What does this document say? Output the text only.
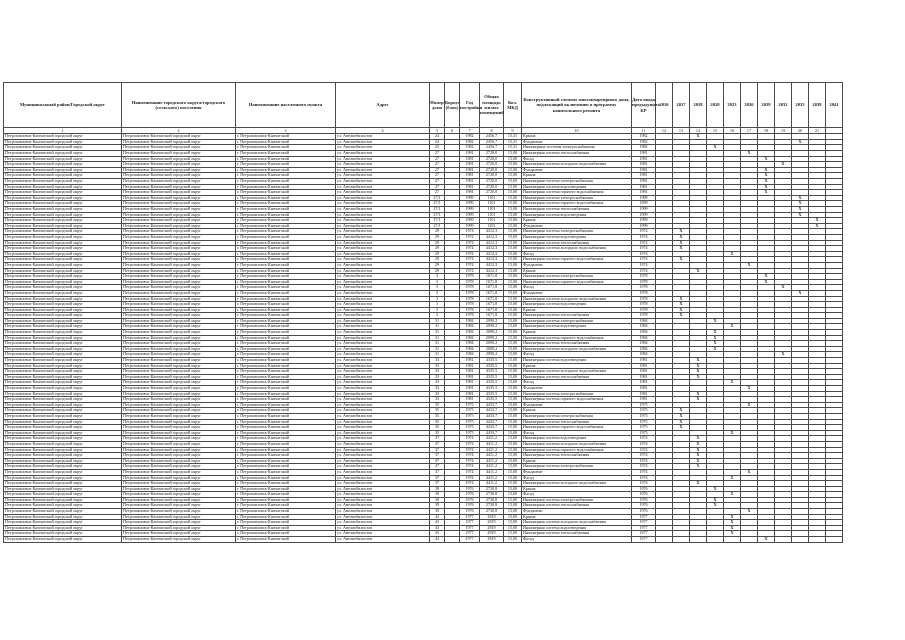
Муниципальный район/Городской округ	Наименование городского округа/городского (сельского) поселения	Наименование населенного пункта	Адрес	Номер дома	Корпус (блок)	Год постройки	Общая площадь жилых помещений	Кол. МКД	Конструктивный элемент многоквартирного дома, подлежащий включению в программу капитального ремонта	Дата ввода предыдущего КР	2016	2017	2018	2020	2023	2026	2029	2032	2035	2038	2041
1	2	3	4	5	6	7	8	9	10	11	12	13	14	15	16	17	18	19	20	21	
Петропавловск-Камчатский городской округ	Петропавловск-Камчатский городской округ	г. Петропавловск-Камчатский	ул. Автомобилистов	24		1982	2456,7	15,31	Крыша	1982			X								
Петропавловск-Камчатский городской округ	Петропавловск-Камчатский городской округ	г. Петропавловск-Камчатский	ул. Автомобилистов	24		1982	2456,7	15,31	Фундамент	1982									X		
Петропавловск-Камчатский городской округ	Петропавловск-Камчатский городской округ	г. Петропавловск-Камчатский	ул. Автомобилистов	25		1982	2456,7	15,31	Инженерные системы электроснабжения	1982				X							
Петропавловск-Камчатский городской округ	Петропавловск-Камчатский городской округ	г. Петропавловск-Камчатский	ул. Автомобилистов	27		1981	2720,0	15,00	Инженерная система теплоснабжения	1981						X					
Петропавловск-Камчатский городской округ	Петропавловск-Камчатский городской округ	г. Петропавловск-Камчатский	ул. Автомобилистов	27		1981	2720,0	15,00	Фасад	1981							X				
Петропавловск-Камчатский городской округ	Петропавловск-Камчатский городской округ	г. Петропавловск-Камчатский	ул. Автомобилистов	27		1981	2720,0	15,00	Инженерная система холодного водоснабжения	1981								X			
Петропавловск-Камчатский городской округ	Петропавловск-Камчатский городской округ	г. Петропавловск-Камчатский	ул. Автомобилистов	27		1981	2720,0	15,00	Фундамент	1981							X				
Петропавловск-Камчатский городской округ	Петропавловск-Камчатский городской округ	г. Петропавловск-Камчатский	ул. Автомобилистов	27		1981	2720,0	15,00	Крыша	1981							X				
Петропавловск-Камчатский городской округ	Петропавловск-Камчатский городской округ	г. Петропавловск-Камчатский	ул. Автомобилистов	27		1981	2720,0	15,00	Инженерная система электроснабжения	1981							X				
Петропавловск-Камчатский городской округ	Петропавловск-Камчатский городской округ	г. Петропавловск-Камчатский	ул. Автомобилистов	27		1981	2720,0	15,00	Инженерная система водоотведения	1981							X				
Петропавловск-Камчатский городской округ	Петропавловск-Камчатский городской округ	г. Петропавловск-Камчатский	ул. Автомобилистов	27		1981	2720,0	15,00	Инженерная система горячего водоснабжения	1981							X				
Петропавловск-Камчатский городской округ	Петропавловск-Камчатский городской округ	г. Петропавловск-Камчатский	ул. Автомобилистов	27/1		1999	1101	15,00	Инженерная система электроснабжения	1999									X		
Петропавловск-Камчатский городской округ	Петропавловск-Камчатский городской округ	г. Петропавловск-Камчатский	ул. Автомобилистов	27/1		1999	1101	15,00	Инженерная система горячего водоснабжения	1999									X		
Петропавловск-Камчатский городской округ	Петропавловск-Камчатский городской округ	г. Петропавловск-Камчатский	ул. Автомобилистов	27/1		1999	1101	15,00	Инженерная система теплоснабжения	1999									X		
Петропавловск-Камчатский городской округ	Петропавловск-Камчатский городской округ	г. Петропавловск-Камчатский	ул. Автомобилистов	27/1		1999	1101	15,00	Инженерная система водоотведения	1999									X		
Петропавловск-Камчатский городской округ	Петропавловск-Камчатский городской округ	г. Петропавловск-Камчатский	ул. Автомобилистов	27/1		1999	1101	15,00	Крыша	1999										X	
Петропавловск-Камчатский городской округ	Петропавловск-Камчатский городской округ	г. Петропавловск-Камчатский	ул. Автомобилистов	27/1		1999	1101	15,00	Фундамент	1999										X	
Петропавловск-Камчатский городской округ	Петропавловск-Камчатский городской округ	г. Петропавловск-Камчатский	ул. Автомобилистов	29		1974	4412,3	15,00	Инженерная система электроснабжения	1974		X									
Петропавловск-Камчатский городской округ	Петропавловск-Камчатский городской округ	г. Петропавловск-Камчатский	ул. Автомобилистов	29		1974	4412,3	15,00	Инженерная система водоотведения	1974		X									
Петропавловск-Камчатский городской округ	Петропавловск-Камчатский городской округ	г. Петропавловск-Камчатский	ул. Автомобилистов	29		1974	4412,3	15,00	Инженерная система теплоснабжения	1974		X									
Петропавловск-Камчатский городской округ	Петропавловск-Камчатский городской округ	г. Петропавловск-Камчатский	ул. Автомобилистов	29		1974	4412,3	15,00	Инженерная система холодного водоснабжения	1974		X									
Петропавловск-Камчатский городской округ	Петропавловск-Камчатский городской округ	г. Петропавловск-Камчатский	ул. Автомобилистов	29		1974	4412,3	15,00	Фасад	1974					X						
Петропавловск-Камчатский городской округ	Петропавловск-Камчатский городской округ	г. Петропавловск-Камчатский	ул. Автомобилистов	29		1974	4412,3	15,00	Инженерная система горячего водоснабжения	1974		X									
Петропавловск-Камчатский городской округ	Петропавловск-Камчатский городской округ	г. Петропавловск-Камчатский	ул. Автомобилистов	29		1974	4412,3	15,00	Фундамент	1974						X					
Петропавловск-Камчатский городской округ	Петропавловск-Камчатский городской округ	г. Петропавловск-Камчатский	ул. Автомобилистов	29		1974	4412,3	15,00	Крыша	1974			X								
Петропавловск-Камчатский городской округ	Петропавловск-Камчатский городской округ	г. Петропавловск-Камчатский	ул. Автомобилистов	3		1978	1671,8	15,00	Инженерная система электроснабжения	1978							X				
Петропавловск-Камчатский городской округ	Петропавловск-Камчатский городской округ	г. Петропавловск-Камчатский	ул. Автомобилистов	3		1978	1671,8	15,00	Инженерная система горячего водоснабжения	1978							X				
Петропавловск-Камчатский городской округ	Петропавловск-Камчатский городской округ	г. Петропавловск-Камчатский	ул. Автомобилистов	3		1978	1671,8	15,00	Фасад	1978								X			
Петропавловск-Камчатский городской округ	Петропавловск-Камчатский городской округ	г. Петропавловск-Камчатский	ул. Автомобилистов	3		1978	1671,8	15,00	Фундамент	1978									X		
Петропавловск-Камчатский городской округ	Петропавловск-Камчатский городской округ	г. Петропавловск-Камчатский	ул. Автомобилистов	3		1978	1671,8	15,00	Инженерная система холодного водоснабжения	1978		X									
Петропавловск-Камчатский городской округ	Петропавловск-Камчатский городской округ	г. Петропавловск-Камчатский	ул. Автомобилистов	3		1978	1671,8	15,00	Инженерная система водоотведения	1978		X									
Петропавловск-Камчатский городской округ	Петропавловск-Камчатский городской округ	г. Петропавловск-Камчатский	ул. Автомобилистов	3		1978	1671,8	15,00	Крыша	1978		X									
Петропавловск-Камчатский городской округ	Петропавловск-Камчатский городской округ	г. Петропавловск-Камчатский	ул. Автомобилистов	3		1978	1671,8	15,00	Инженерная система теплоснабжения	1978		X									
Петропавловск-Камчатский городской округ	Петропавловск-Камчатский городской округ	г. Петропавловск-Камчатский	ул. Автомобилистов	31		1984	2090,2	15,00	Инженерная система электроснабжения	1984				X							
Петропавловск-Камчатский городской округ	Петропавловск-Камчатский городской округ	г. Петропавловск-Камчатский	ул. Автомобилистов	31		1984	2090,2	15,00	Инженерная система водоотведения	1984					X						
Петропавловск-Камчатский городской округ	Петропавловск-Камчатский городской округ	г. Петропавловск-Камчатский	ул. Автомобилистов	31		1984	2090,2	15,00	Крыша	1984				X							
Петропавловск-Камчатский городской округ	Петропавловск-Камчатский городской округ	г. Петропавловск-Камчатский	ул. Автомобилистов	31		1984	2090,2	15,00	Инженерная система горячего водоснабжения	1984				X							
Петропавловск-Камчатский городской округ	Петропавловск-Камчатский городской округ	г. Петропавловск-Камчатский	ул. Автомобилистов	31		1984	2090,2	15,00	Инженерная система теплоснабжения	1984				X							
Петропавловск-Камчатский городской округ	Петропавловск-Камчатский городской округ	г. Петропавловск-Камчатский	ул. Автомобилистов	31		1984	2090,2	15,00	Инженерная система холодного водоснабжения	1984				X							
Петропавловск-Камчатский городской округ	Петропавловск-Камчатский городской округ	г. Петропавловск-Камчатский	ул. Автомобилистов	31		1984	2090,2	15,00	Фасад	1984								X			
Петропавловск-Камчатский городской округ	Петропавловск-Камчатский городской округ	г. Петропавловск-Камчатский	ул. Автомобилистов	33		1981	4335,5	15,00	Инженерная система водоотведения	1981			X								
Петропавловск-Камчатский городской округ	Петропавловск-Камчатский городской округ	г. Петропавловск-Камчатский	ул. Автомобилистов	33		1981	4335,5	15,00	Крыша	1981			X								
Петропавловск-Камчатский городской округ	Петропавловск-Камчатский городской округ	г. Петропавловск-Камчатский	ул. Автомобилистов	33		1981	4335,5	15,00	Инженерная система холодного водоснабжения	1981			X								
Петропавловск-Камчатский городской округ	Петропавловск-Камчатский городской округ	г. Петропавловск-Камчатский	ул. Автомобилистов	33		1981	4335,5	15,00	Инженерная система теплоснабжения	1981			X								
Петропавловск-Камчатский городской округ	Петропавловск-Камчатский городской округ	г. Петропавловск-Камчатский	ул. Автомобилистов	33		1981	4335,5	15,00	Фасад	1981					X						
Петропавловск-Камчатский городской округ	Петропавловск-Камчатский городской округ	г. Петропавловск-Камчатский	ул. Автомобилистов	33		1981	4335,5	15,00	Фундамент	1981						X					
Петропавловск-Камчатский городской округ	Петропавловск-Камчатский городской округ	г. Петропавловск-Камчатский	ул. Автомобилистов	33		1981	4335,5	15,00	Инженерная система электроснабжения	1981			X								
Петропавловск-Камчатский городской округ	Петропавловск-Камчатский городской округ	г. Петропавловск-Камчатский	ул. Автомобилистов	33		1981	4335,5	15,00	Инженерная система горячего водоснабжения	1981			X								
Петропавловск-Камчатский городской округ	Петропавловск-Камчатский городской округ	г. Петропавловск-Камчатский	ул. Автомобилистов	35		1975	4433,7	15,00	Фундамент	1975						X					
Петропавловск-Камчатский городской округ	Петропавловск-Камчатский городской округ	г. Петропавловск-Камчатский	ул. Автомобилистов	35		1975	4433,7	15,00	Крыша	1975		X									
Петропавловск-Камчатский городской округ	Петропавловск-Камчатский городской округ	г. Петропавловск-Камчатский	ул. Автомобилистов	35		1975	4433,7	15,00	Инженерная система электроснабжения	1975		X									
Петропавловск-Камчатский городской округ	Петропавловск-Камчатский городской округ	г. Петропавловск-Камчатский	ул. Автомобилистов	35		1975	4433,7	15,00	Инженерная система теплоснабжения	1975		X									
Петропавловск-Камчатский городской округ	Петропавловск-Камчатский городской округ	г. Петропавловск-Камчатский	ул. Автомобилистов	35		1975	4433,7	15,00	Инженерная система горячего водоснабжения	1975		X									
Петропавловск-Камчатский городской округ	Петропавловск-Камчатский городской округ	г. Петропавловск-Камчатский	ул. Автомобилистов	35		1975	4433,7	15,00	Фасад	1975					X						
Петропавловск-Камчатский городской округ	Петропавловск-Камчатский городской округ	г. Петропавловск-Камчатский	ул. Автомобилистов	37		1974	4411,2	15,00	Инженерная система водоотведения	1974			X								
Петропавловск-Камчатский городской округ	Петропавловск-Камчатский городской округ	г. Петропавловск-Камчатский	ул. Автомобилистов	37		1974	4411,2	15,00	Инженерная система холодного водоснабжения	1974			X								
Петропавловск-Камчатский городской округ	Петропавловск-Камчатский городской округ	г. Петропавловск-Камчатский	ул. Автомобилистов	37		1974	4411,2	15,00	Инженерная система горячего водоснабжения	1974			X								
Петропавловск-Камчатский городской округ	Петропавловск-Камчатский городской округ	г. Петропавловск-Камчатский	ул. Автомобилистов	37		1974	4411,2	15,00	Инженерная система теплоснабжения	1974			X								
Петропавловск-Камчатский городской округ	Петропавловск-Камчатский городской округ	г. Петропавловск-Камчатский	ул. Автомобилистов	37		1974	4411,2	15,00	Крыша	1974			X								
Петропавловск-Камчатский городской округ	Петропавловск-Камчатский городской округ	г. Петропавловск-Камчатский	ул. Автомобилистов	37		1974	4411,2	15,00	Инженерная система электроснабжения	1974			X								
Петропавловск-Камчатский городской округ	Петропавловск-Камчатский городской округ	г. Петропавловск-Камчатский	ул. Автомобилистов	37		1974	4411,2	15,00	Фундамент	1974						X					
Петропавловск-Камчатский городской округ	Петропавловск-Камчатский городской округ	г. Петропавловск-Камчатский	ул. Автомобилистов	37		1974	4411,2	15,00	Фасад	1974					X						
Петропавловск-Камчатский городской округ	Петропавловск-Камчатский городской округ	г. Петропавловск-Камчатский	ул. Автомобилистов	37		1974	4411,2	15,00	Инженерная система холодного водоснабжения	1974			X								
Петропавловск-Камчатский городской округ	Петропавловск-Камчатский городской округ	г. Петропавловск-Камчатский	ул. Автомобилистов	39		1976	2730,8	15,00	Крыша	1976				X							
Петропавловск-Камчатский городской округ	Петропавловск-Камчатский городской округ	г. Петропавловск-Камчатский	ул. Автомобилистов	39		1976	2730,8	15,00	Фасад	1976					X						
Петропавловск-Камчатский городской округ	Петропавловск-Камчатский городской округ	г. Петропавловск-Камчатский	ул. Автомобилистов	39		1976	2730,8	15,00	Инженерная система электроснабжения	1976				X							
Петропавловск-Камчатский городской округ	Петропавловск-Камчатский городской округ	г. Петропавловск-Камчатский	ул. Автомобилистов	39		1976	2730,8	15,00	Инженерная система теплоснабжения	1976				X							
Петропавловск-Камчатский городской округ	Петропавловск-Камчатский городской округ	г. Петропавловск-Камчатский	ул. Автомобилистов	39		1976	2730,8	15,00	Фундамент	1976						X					
Петропавловск-Камчатский городской округ	Петропавловск-Камчатский городской округ	г. Петропавловск-Камчатский	ул. Автомобилистов	43		1977	2819	15,00	Крыша	1977					X						
Петропавловск-Камчатский городской округ	Петропавловск-Камчатский городской округ	г. Петропавловск-Камчатский	ул. Автомобилистов	43		1977	2819	15,00	Инженерная система холодного водоснабжения	1977					X						
Петропавловск-Камчатский городской округ	Петропавловск-Камчатский городской округ	г. Петропавловск-Камчатский	ул. Автомобилистов	43		1977	2819	15,00	Инженерная система водоотведения	1977					X						
Петропавловск-Камчатский городской округ	Петропавловск-Камчатский городской округ	г. Петропавловск-Камчатский	ул. Автомобилистов	43		1977	2819	15,00	Инженерная система теплоснабжения	1977					X						
Петропавловск-Камчатский городской округ	Петропавловск-Камчатский городской округ	г. Петропавловск-Камчатский	ул. Автомобилистов	43		1977	2819	15,00	Фасад	1977							X				
